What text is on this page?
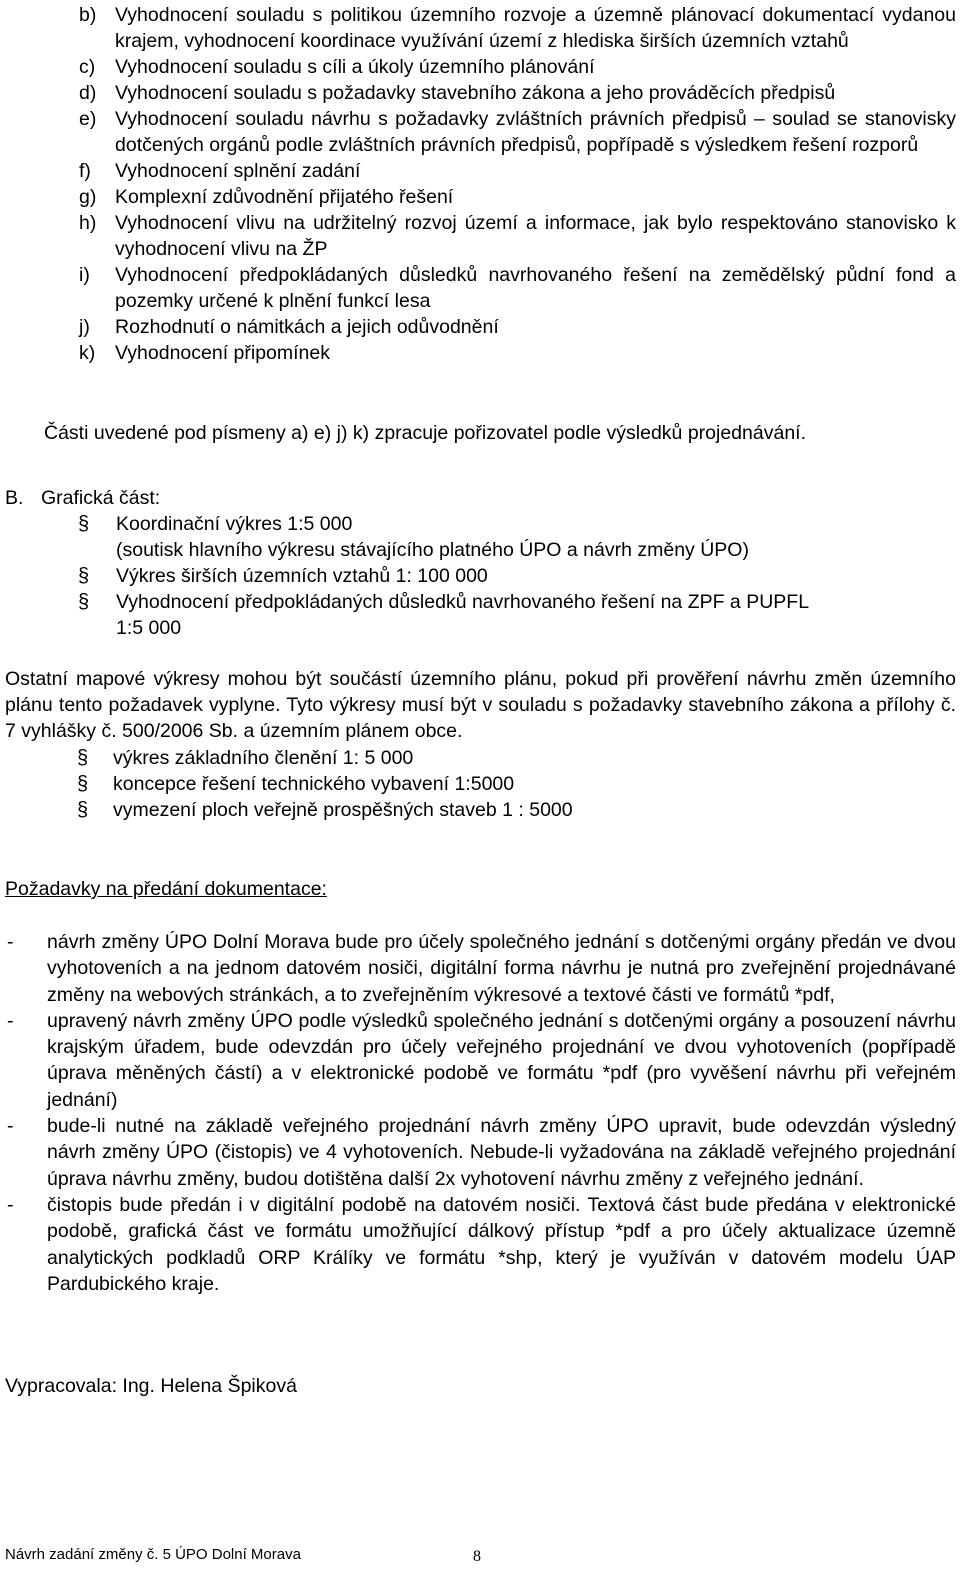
b) Vyhodnocení souladu s politikou územního rozvoje a územně plánovací dokumentací vydanou krajem, vyhodnocení koordinace využívání území z hlediska širších územních vztahů
c) Vyhodnocení souladu s cíli a úkoly územního plánování
d) Vyhodnocení souladu s požadavky stavebního zákona a jeho prováděcích předpisů
e) Vyhodnocení souladu návrhu s požadavky zvláštních právních předpisů – soulad se stanovisky dotčených orgánů podle zvláštních právních předpisů, popřípadě s výsledkem řešení rozporů
f) Vyhodnocení splnění zadání
g) Komplexní zdůvodnění přijatého řešení
h) Vyhodnocení vlivu na udržitelný rozvoj území a informace, jak bylo respektováno stanovisko k vyhodnocení vlivu na ŽP
i) Vyhodnocení předpokládaných důsledků navrhovaného řešení na zemědělský půdní fond a pozemky určené k plnění funkcí lesa
j) Rozhodnutí o námitkách a jejich odůvodnění
k) Vyhodnocení připomínek
Části uvedené pod písmeny a) e) j) k) zpracuje pořizovatel podle výsledků projednávání.
B. Grafická část:
§
Koordinační výkres 1:5 000
(soutisk hlavního výkresu stávajícího platného ÚPO a návrh změny ÚPO)
§
Výkres širších územních vztahů 1: 100 000
§
Vyhodnocení předpokládaných důsledků navrhovaného řešení na ZPF a PUPFL
1:5 000
Ostatní mapové výkresy mohou být součástí územního plánu, pokud při prověření návrhu změn územního plánu tento požadavek vyplyne. Tyto výkresy musí být v souladu s požadavky stavebního zákona a přílohy č. 7 vyhlášky č. 500/2006 Sb. a územním plánem obce.
§
výkres základního členění 1: 5 000
§
koncepce řešení technického vybavení 1:5000
§
vymezení ploch veřejně prospěšných staveb 1 : 5000
Požadavky na předání dokumentace:
- návrh změny ÚPO Dolní Morava bude pro účely společného jednání s dotčenými orgány předán ve dvou vyhotoveních a na jednom datovém nosiči, digitální forma návrhu je nutná pro zveřejnění projednávané změny na webových stránkách, a to zveřejněním výkresové a textové části ve formátů *pdf,
- upravený návrh změny ÚPO podle výsledků společného jednání s dotčenými orgány a posouzení návrhu krajským úřadem, bude odevzdán pro účely veřejného projednání ve dvou vyhotoveních (popřípadě úprava měněných částí) a v elektronické podobě ve formátu *pdf (pro vyvěšení návrhu při veřejném jednání)
- bude-li nutné na základě veřejného projednání návrh změny ÚPO upravit, bude odevzdán výsledný návrh změny ÚPO (čistopis) ve 4 vyhotoveních. Nebude-li vyžadována na základě veřejného projednání úprava návrhu změny, budou dotištěna další 2x vyhotovení návrhu změny z veřejného jednání.
- čistopis bude předán i v digitální podobě na datovém nosiči. Textová část bude předána v elektronické podobě, grafická část ve formátu umožňující dálkový přístup *pdf a pro účely aktualizace územně analytických podkladů ORP Králíky ve formátu *shp, který je využíván v datovém modelu ÚAP Pardubického kraje.
Vypracovala: Ing. Helena Špiková
Návrh zadání změny č. 5 ÚPO Dolní Morava	8
